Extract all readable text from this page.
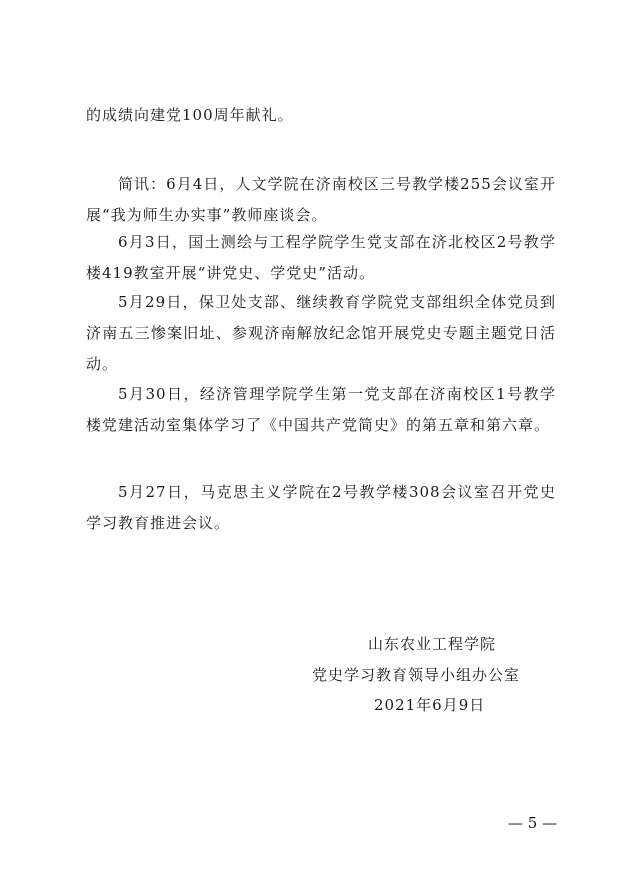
的成绩向建党100周年献礼。

简讯：6月4日，人文学院在济南校区三号教学楼255会议室开展“我为师生办实事”教师座谈会。

6月3日，国土测绘与工程学院学生党支部在济北校区2号教学楼419教室开展“讲党史、学党史”活动。

5月29日，保卫处支部、继续教育学院党支部组织全体党员到济南五三惨案旧址、参观济南解放纪念馆开展党史专题主题党日活动。

5月30日，经济管理学院学生第一党支部在济南校区1号教学楼党建活动室集体学习了《中国共产党简史》的第五章和第六章。

5月27日，马克思主义学院在2号教学楼308会议室召开党史学习教育推进会议。

山东农业工程学院
党史学习教育领导小组办公室
2021年6月9日
— 5 —
